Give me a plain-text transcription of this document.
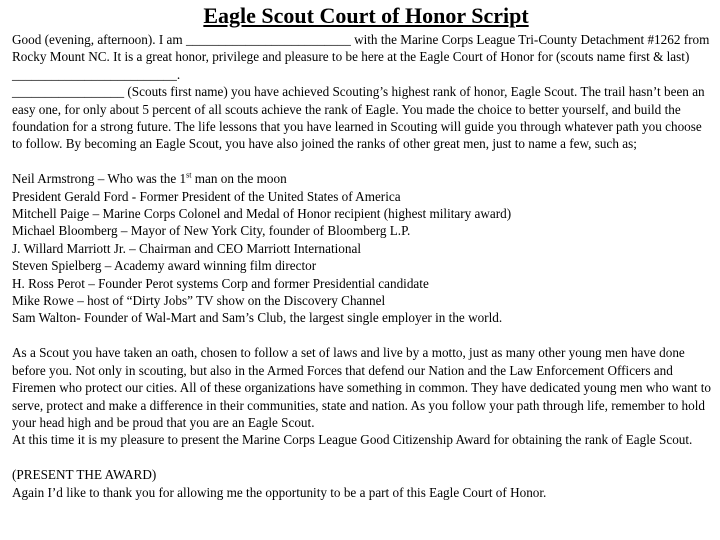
Eagle Scout Court of Honor Script

Good (evening, afternoon). I am _________________________ with the Marine Corps League Tri-County Detachment #1262 from Rocky Mount NC. It is a great honor, privilege and pleasure to be here at the Eagle Court of Honor for (scouts name first & last) _________________________.

_________________ (Scouts first name) you have achieved Scouting’s highest rank of honor, Eagle Scout. The trail hasn’t been an easy one, for only about 5 percent of all scouts achieve the rank of Eagle. You made the choice to better yourself, and build the foundation for a strong future. The life lessons that you have learned in Scouting will guide you through whatever path you choose to follow. By becoming an Eagle Scout, you have also joined the ranks of other great men, just to name a few, such as;

Neil Armstrong – Who was the 1st man on the moon

President Gerald Ford - Former President of the United States of America

Mitchell Paige – Marine Corps Colonel and Medal of Honor recipient (highest military award)

Michael Bloomberg – Mayor of New York City, founder of Bloomberg L.P.

J. Willard Marriott Jr. – Chairman and CEO Marriott International

Steven Spielberg – Academy award winning film director

H. Ross Perot – Founder Perot systems Corp and former Presidential candidate

Mike Rowe – host of “Dirty Jobs” TV show on the Discovery Channel

Sam Walton- Founder of Wal-Mart and Sam’s Club, the largest single employer in the world.

As a Scout you have taken an oath, chosen to follow a set of laws and live by a motto, just as many other young men have done before you. Not only in scouting, but also in the Armed Forces that defend our Nation and the Law Enforcement Officers and Firemen who protect our cities. All of these organizations have something in common. They have dedicated young men who want to serve, protect and make a difference in their communities, state and nation. As you follow your path through life, remember to hold your head high and be proud that you are an Eagle Scout.

At this time it is my pleasure to present the Marine Corps League Good Citizenship Award for obtaining the rank of Eagle Scout.

(PRESENT THE AWARD)

Again I’d like to thank you for allowing me the opportunity to be a part of this Eagle Court of Honor.
